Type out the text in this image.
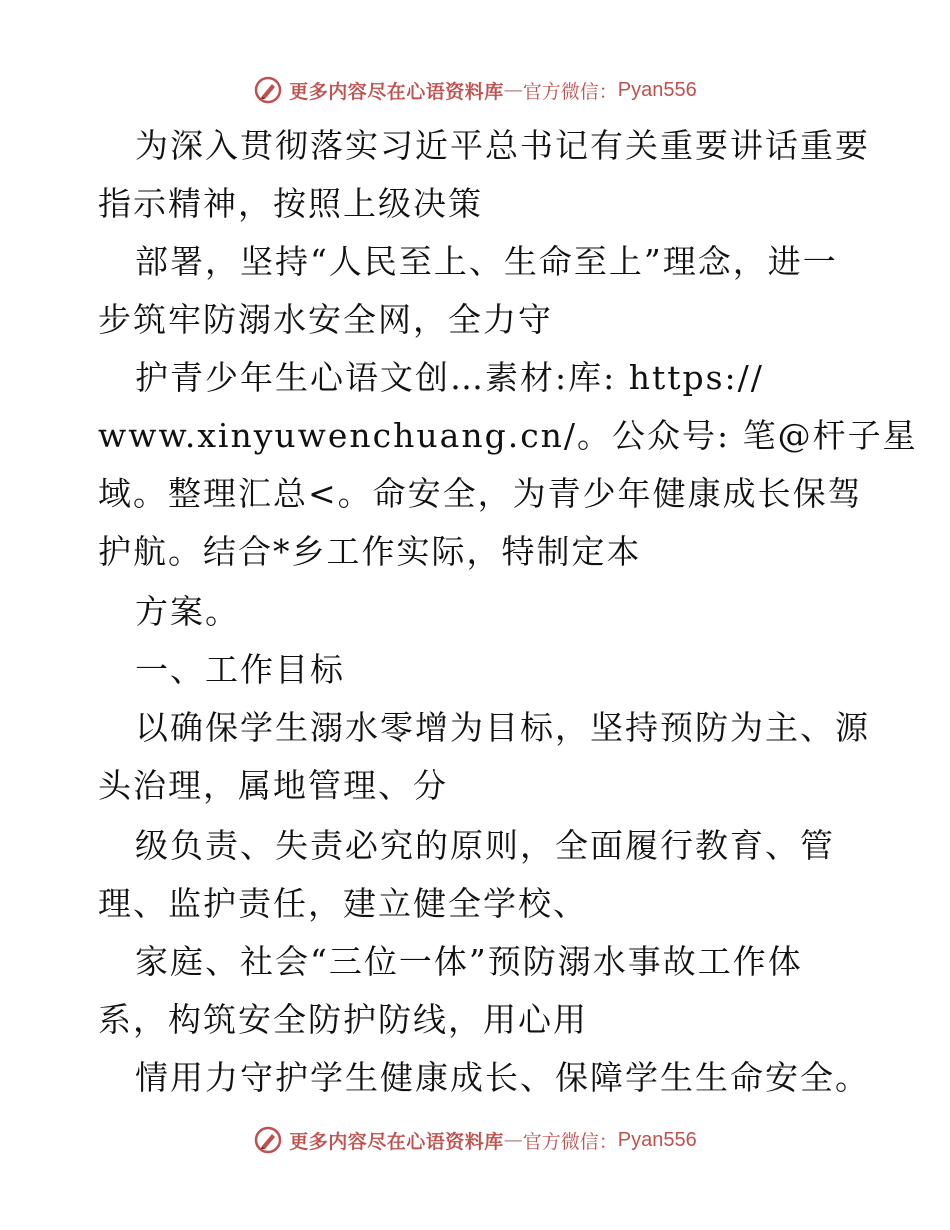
更多内容尽在心语资料库 — 官方微信： Pyan556
为深入贯彻落实习近平总书记有关重要讲话重要
指示精神，按照上级决策
部署，坚持“人民至上、生命至上”理念，进一
步筑牢防溺水安全网，全力守
护青少年生心语文创…素材:库: https://
www.xinyuwenchuang.cn/。公众号: 笔@杆子星
域。整理汇总<。命安全，为青少年健康成长保驾
护航。结合*乡工作实际，特制定本
方案。
一、工作目标
以确保学生溺水零增为目标，坚持预防为主、源
头治理，属地管理、分
级负责、失责必究的原则，全面履行教育、管
理、监护责任，建立健全学校、
家庭、社会“三位一体”预防溺水事故工作体
系，构筑安全防护防线，用心用
情用力守护学生健康成长、保障学生生命安全。
更多内容尽在心语资料库 — 官方微信： Pyan556
